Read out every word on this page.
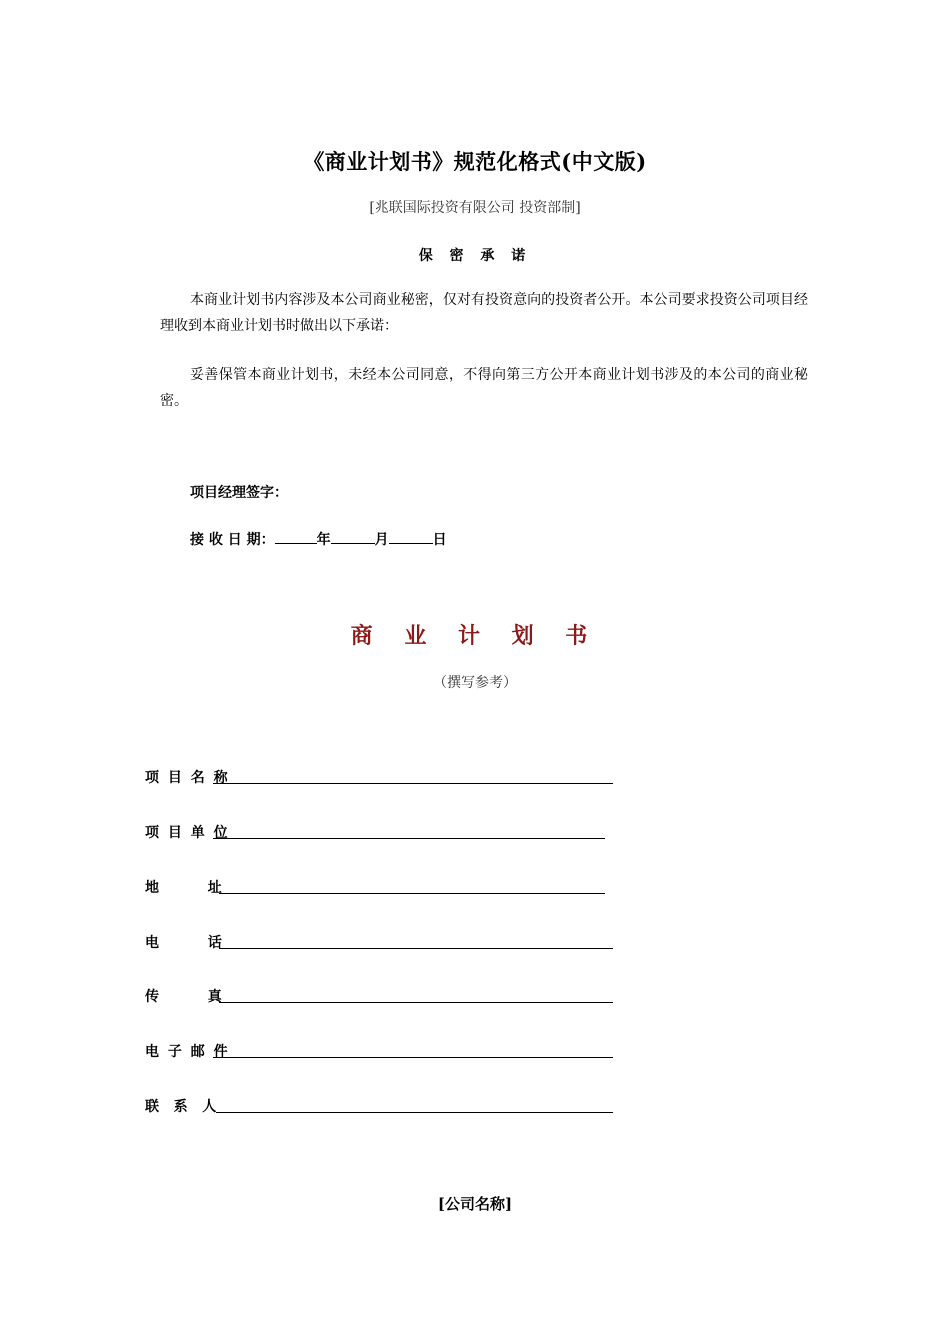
《商业计划书》规范化格式(中文版)
[兆联国际投资有限公司 投资部制]
保 密 承 诺
本商业计划书内容涉及本公司商业秘密，仅对有投资意向的投资者公开。本公司要求投资公司项目经理收到本商业计划书时做出以下承诺：
妥善保管本商业计划书，未经本公司同意，不得向第三方公开本商业计划书涉及的本公司的商业秘密。
项目经理签字：
接 收 日 期：	年	月	日
商 业 计 划 书
（撰写参考）
项 目 名 称
项 目 单 位
地          址
电          话
传          真
电 子 邮 件
联   系   人
[公司名称]
